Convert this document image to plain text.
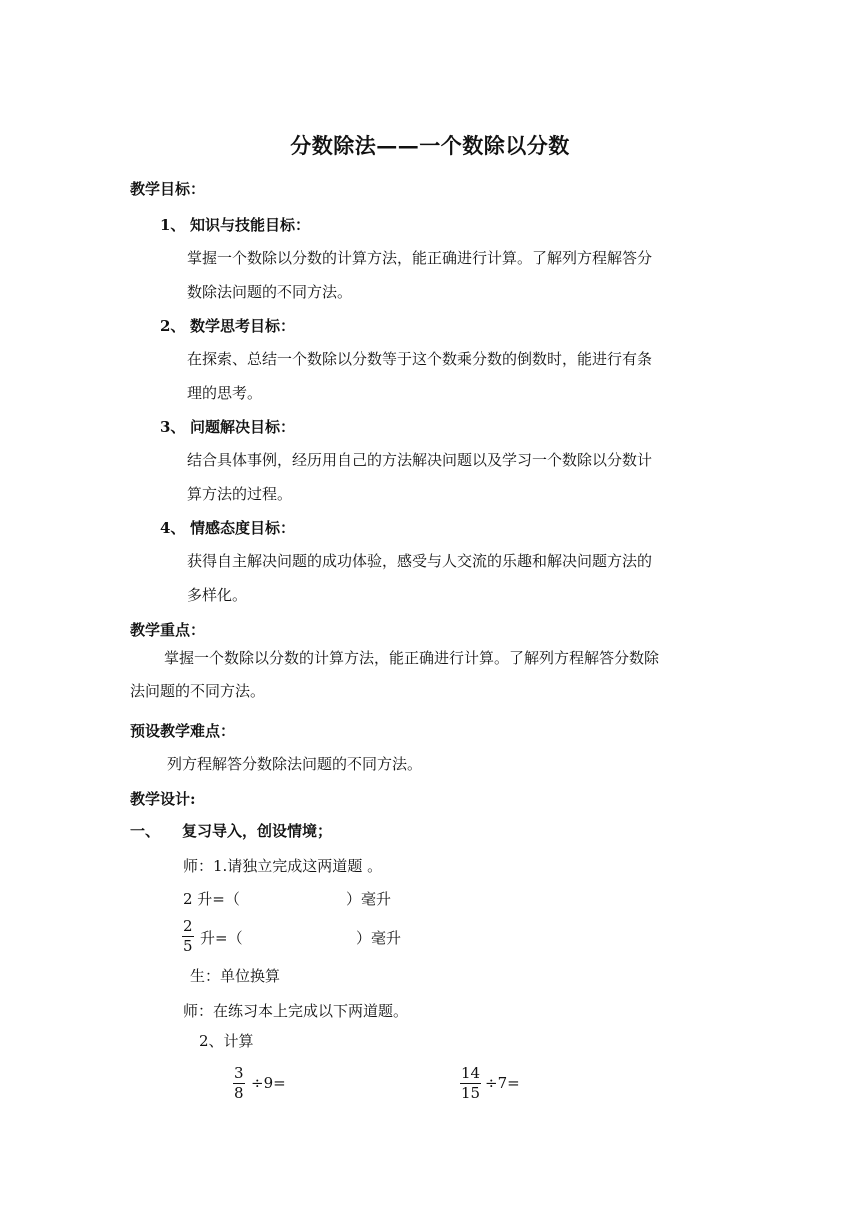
分数除法——一个数除以分数
教学目标：
1、 知识与技能目标：
掌握一个数除以分数的计算方法，能正确进行计算。了解列方程解答分
数除法问题的不同方法。
2、 数学思考目标：
在探索、总结一个数除以分数等于这个数乘分数的倒数时，能进行有条
理的思考。
3、 问题解决目标：
结合具体事例，经历用自己的方法解决问题以及学习一个数除以分数计
算方法的过程。
4、 情感态度目标：
获得自主解决问题的成功体验，感受与人交流的乐趣和解决问题方法的
多样化。
教学重点：
掌握一个数除以分数的计算方法，能正确进行计算。了解列方程解答分数除
法问题的不同方法。
预设教学难点：
列方程解答分数除法问题的不同方法。
教学设计:
一、 复习导入，创设情境；
师：1.请独立完成这两道题 。
2 升=（	）毫升
$\frac{2}{5}$ 升=（	）毫升
生：单位换算
师：在练习本上完成以下两道题。
2、计算
$\frac{3}{8} \div 9=$	$\frac{14}{15} \div 7=$
